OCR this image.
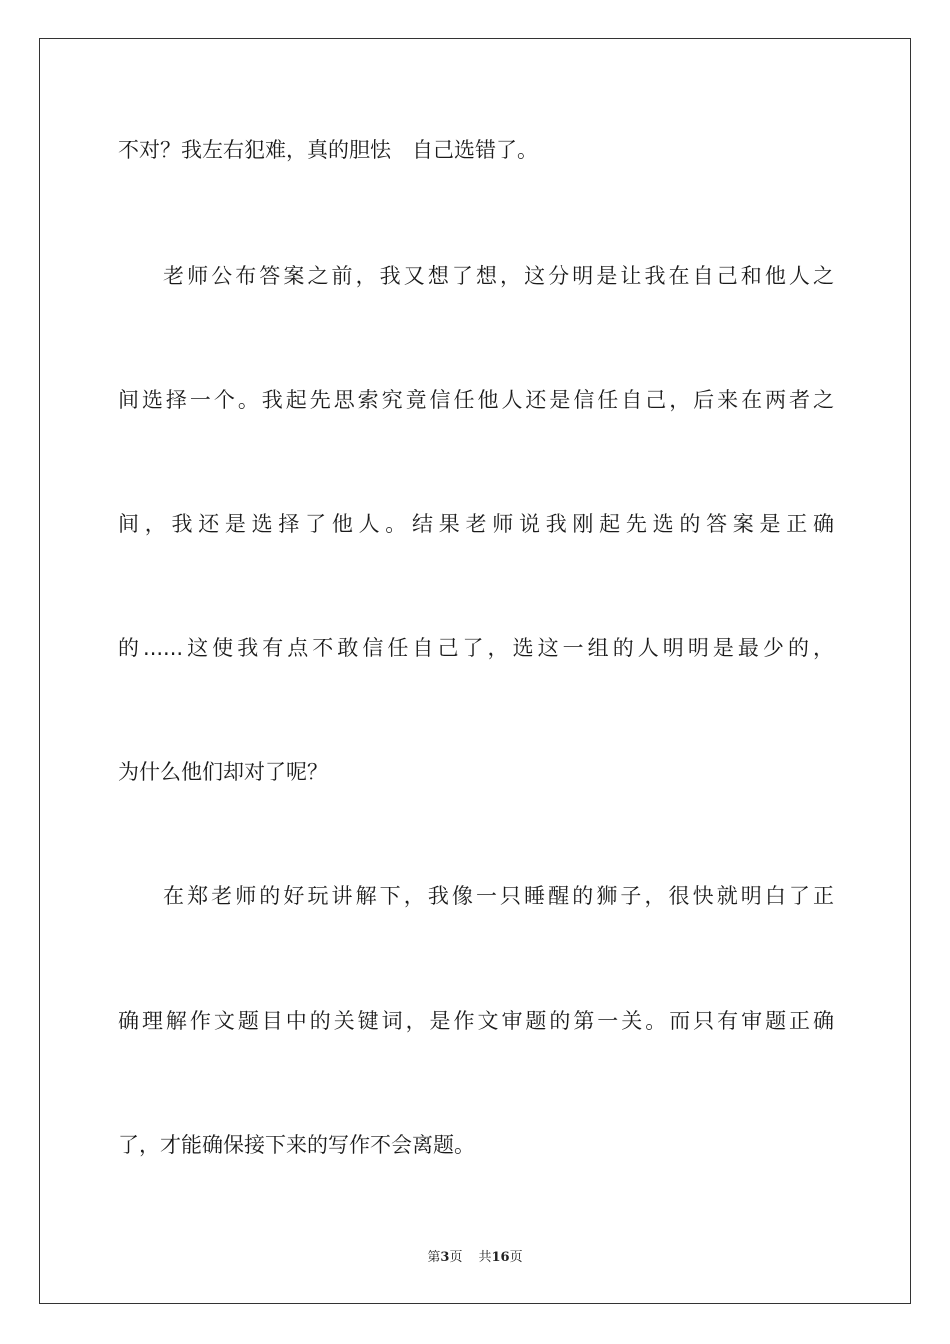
不对？我左右犯难，真的胆怯　自己选错了。
老师公布答案之前，我又想了想，这分明是让我在自己和他人之
间选择一个。我起先思索究竟信任他人还是信任自己，后来在两者之
间，我还是选择了他人。结果老师说我刚起先选的答案是正确
的......这使我有点不敢信任自己了，选这一组的人明明是最少的，
为什么他们却对了呢？
在郑老师的好玩讲解下，我像一只睡醒的狮子，很快就明白了正
确理解作文题目中的关键词，是作文审题的第一关。而只有审题正确
了，才能确保接下来的写作不会离题。
第3页 共16页
